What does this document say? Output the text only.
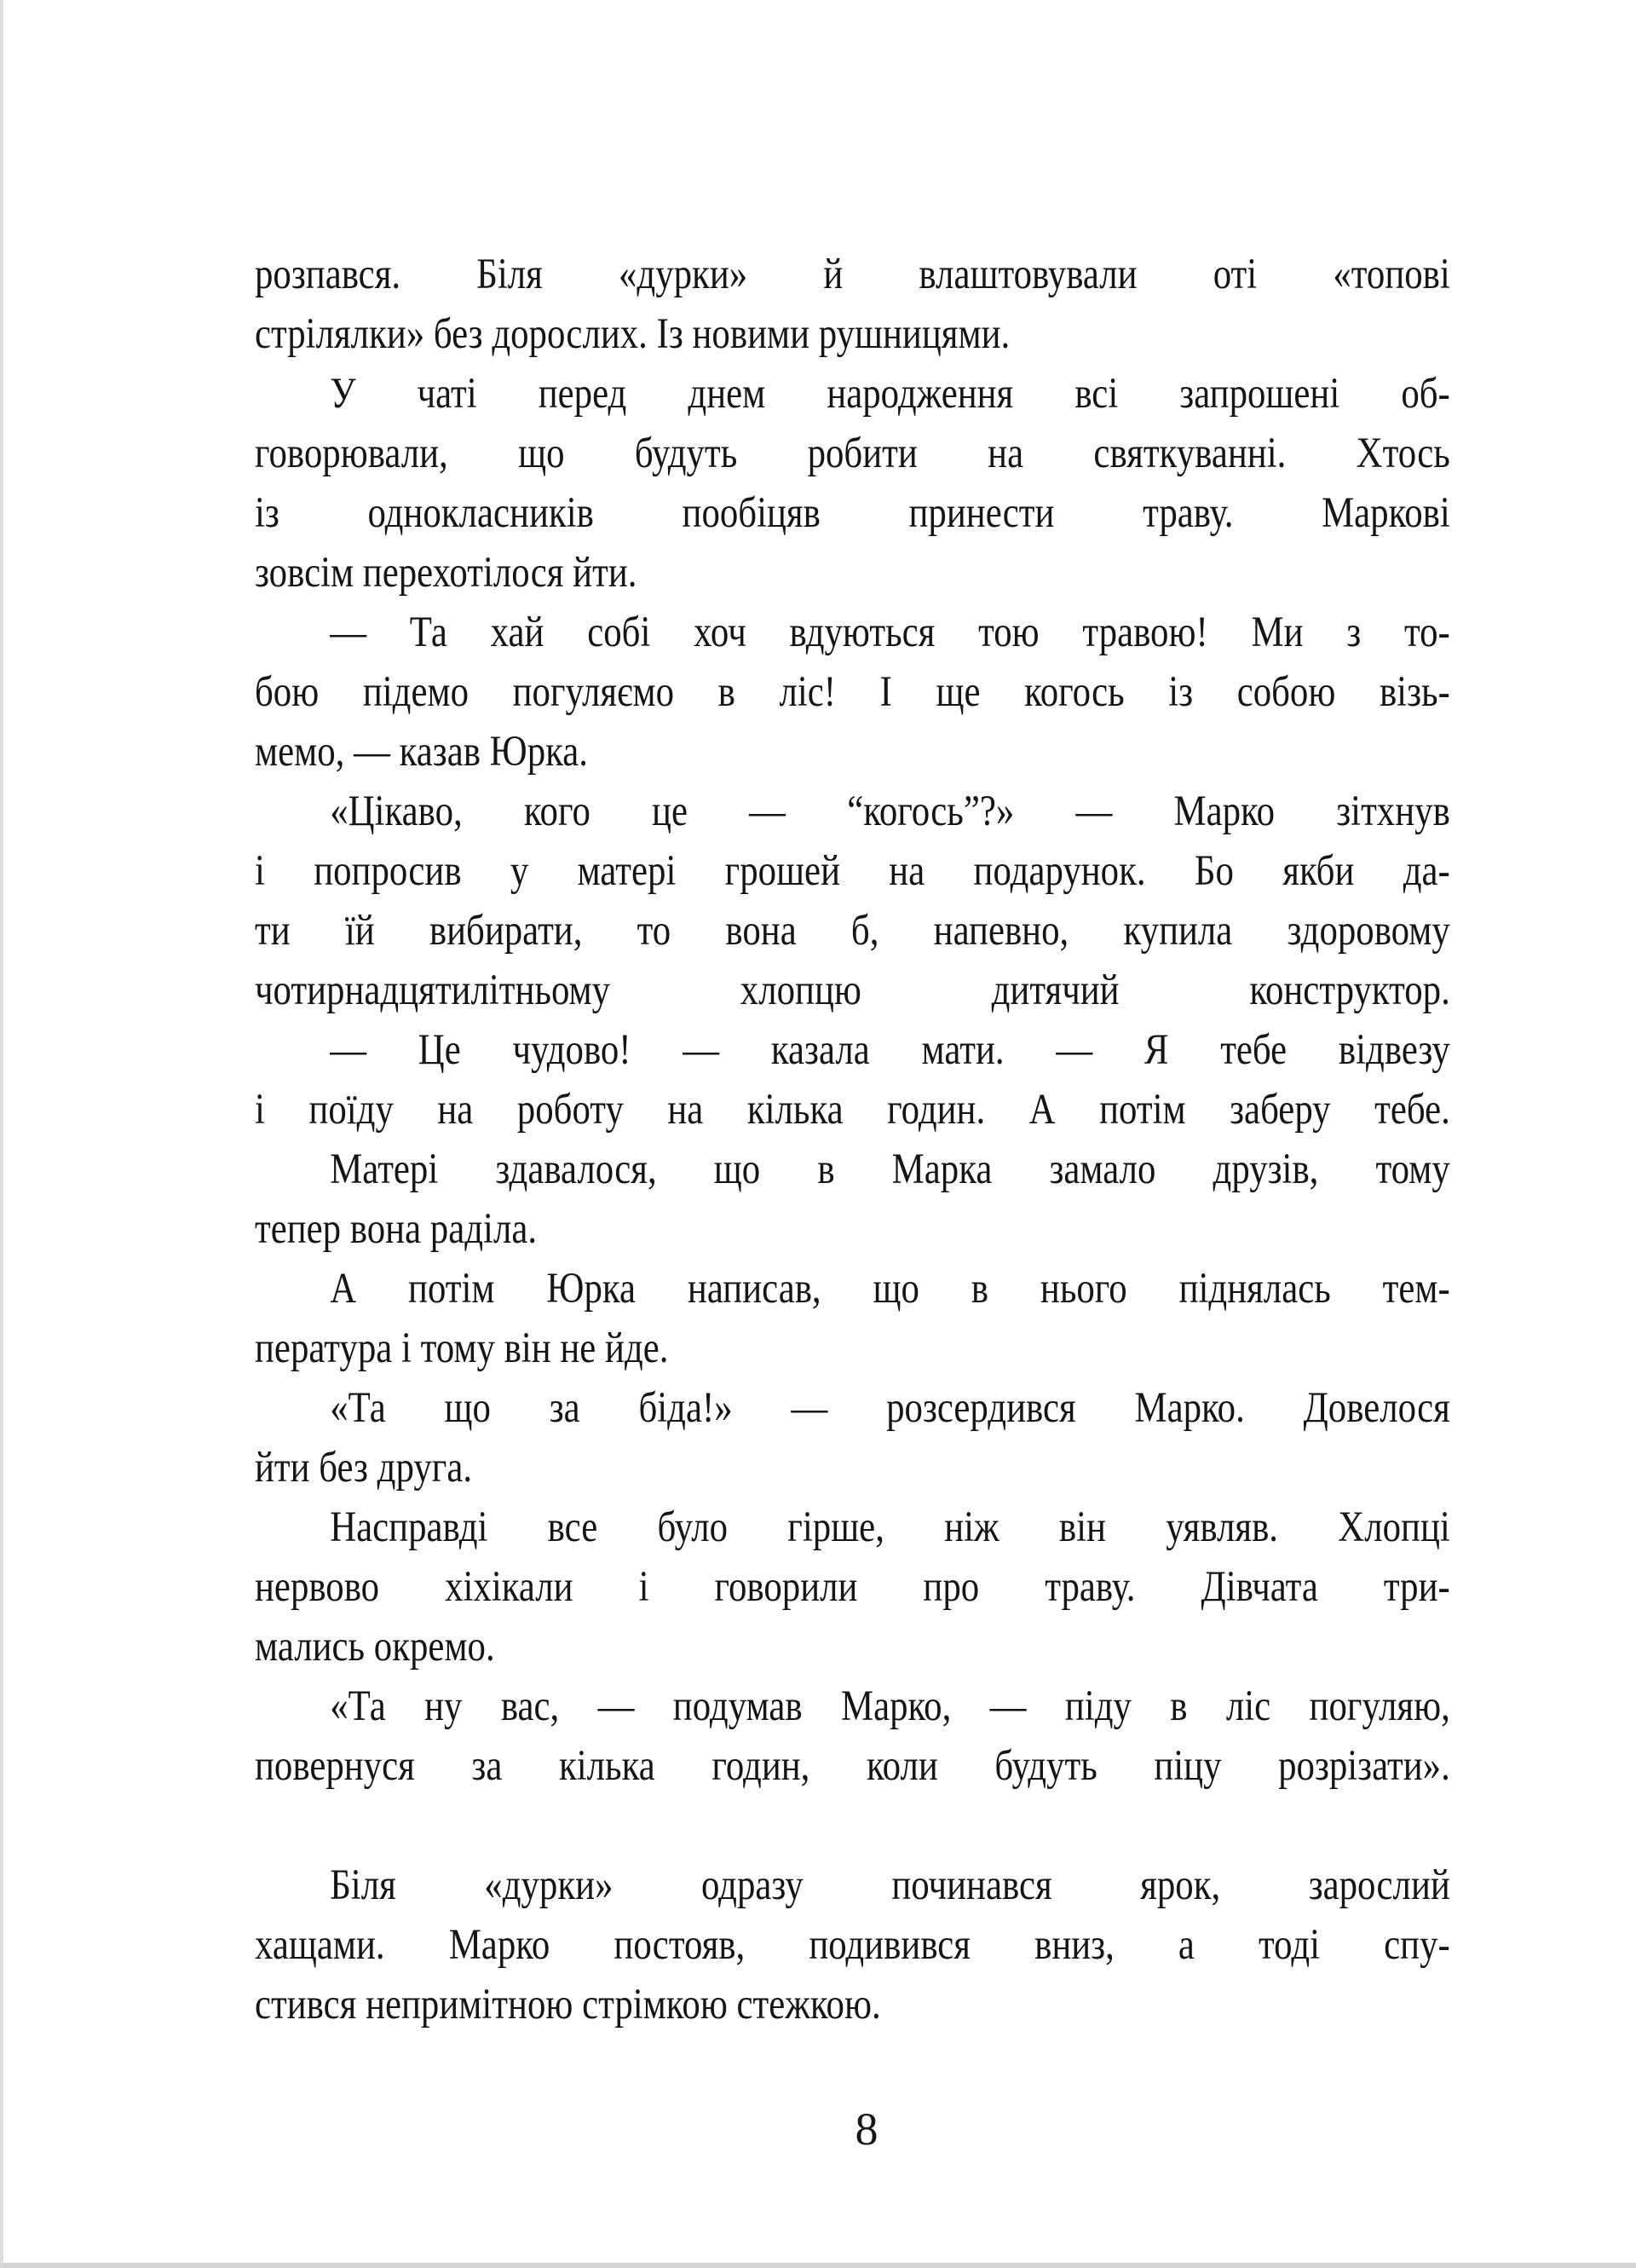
розпався. Біля «дурки» й влаштовували оті «топові
стрілялки» без дорослих. Із новими рушницями.
У чаті перед днем народження всі запрошені об-
говорювали, що будуть робити на святкуванні. Хтось
із однокласників пообіцяв принести траву. Маркові
зовсім перехотілося йти.
— Та хай собі хоч вдуються тою травою! Ми з то-
бою підемо погуляємо в ліс! І ще когось із собою візь-
мемо, — казав Юрка.
«Цікаво, кого це — “когось”?» — Марко зітхнув
і попросив у матері грошей на подарунок. Бо якби да-
ти їй вибирати, то вона б, напевно, купила здоровому
чотирнадцятилітньому хлопцю дитячий конструктор.
— Це чудово! — казала мати. — Я тебе відвезу
і поїду на роботу на кілька годин. А потім заберу тебе.
Матері здавалося, що в Марка замало друзів, тому
тепер вона раділа.
А потім Юрка написав, що в нього піднялась тем-
пература і тому він не йде.
«Та що за біда!» — розсердився Марко. Довелося
йти без друга.
Насправді все було гірше, ніж він уявляв. Хлопці
нервово хіхікали і говорили про траву. Дівчата три-
мались окремо.
«Та ну вас, — подумав Марко, — піду в ліс погуляю,
повернуся за кілька годин, коли будуть піцу розрізати».
Біля «дурки» одразу починався ярок, зарослий
хащами. Марко постояв, подивився вниз, а тоді спу-
стився непримітною стрімкою стежкою.
8
